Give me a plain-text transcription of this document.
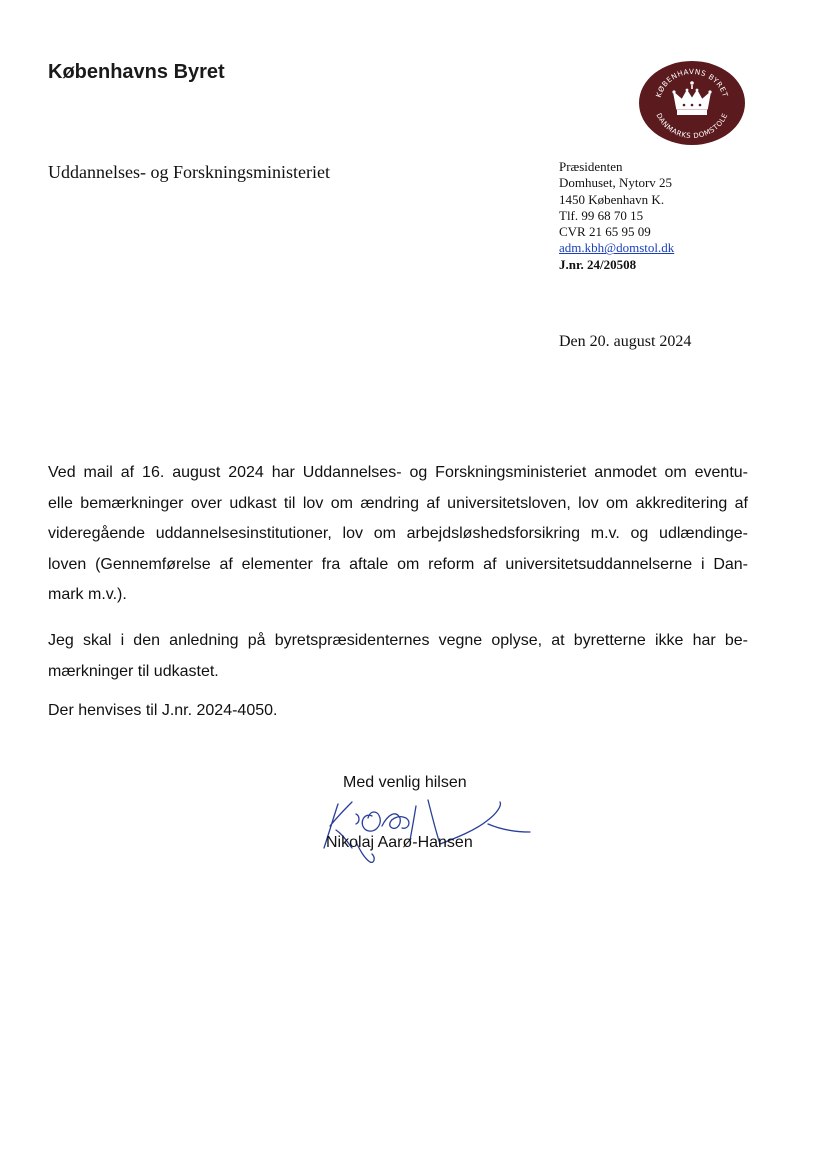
Københavns Byret
KØBENHAVNS BYRET
DANMARKS DOMSTOLE
Uddannelses- og Forskningsministeriet	Præsidenten
Domhuset, Nytorv 25
1450 København K.
Tlf. 99 68 70 15
CVR 21 65 95 09
adm.kbh@domstol.dk
J.nr. 24/20508
Den 20. august 2024
Ved mail af 16. august 2024 har Uddannelses- og Forskningsministeriet anmodet om eventu-
elle bemærkninger over udkast til lov om ændring af universitetsloven, lov om akkreditering af
videregående uddannelsesinstitutioner, lov om arbejdsløshedsforsikring m.v. og udlændinge-
loven (Gennemførelse af elementer fra aftale om reform af universitetsuddannelserne i Dan-
mark m.v.).
Jeg skal i den anledning på byretspræsidenternes vegne oplyse, at byretterne ikke har be-
mærkninger til udkastet.
Der henvises til J.nr. 2024-4050.
Med venlig hilsen
Nikolaj Aarø-Hansen
